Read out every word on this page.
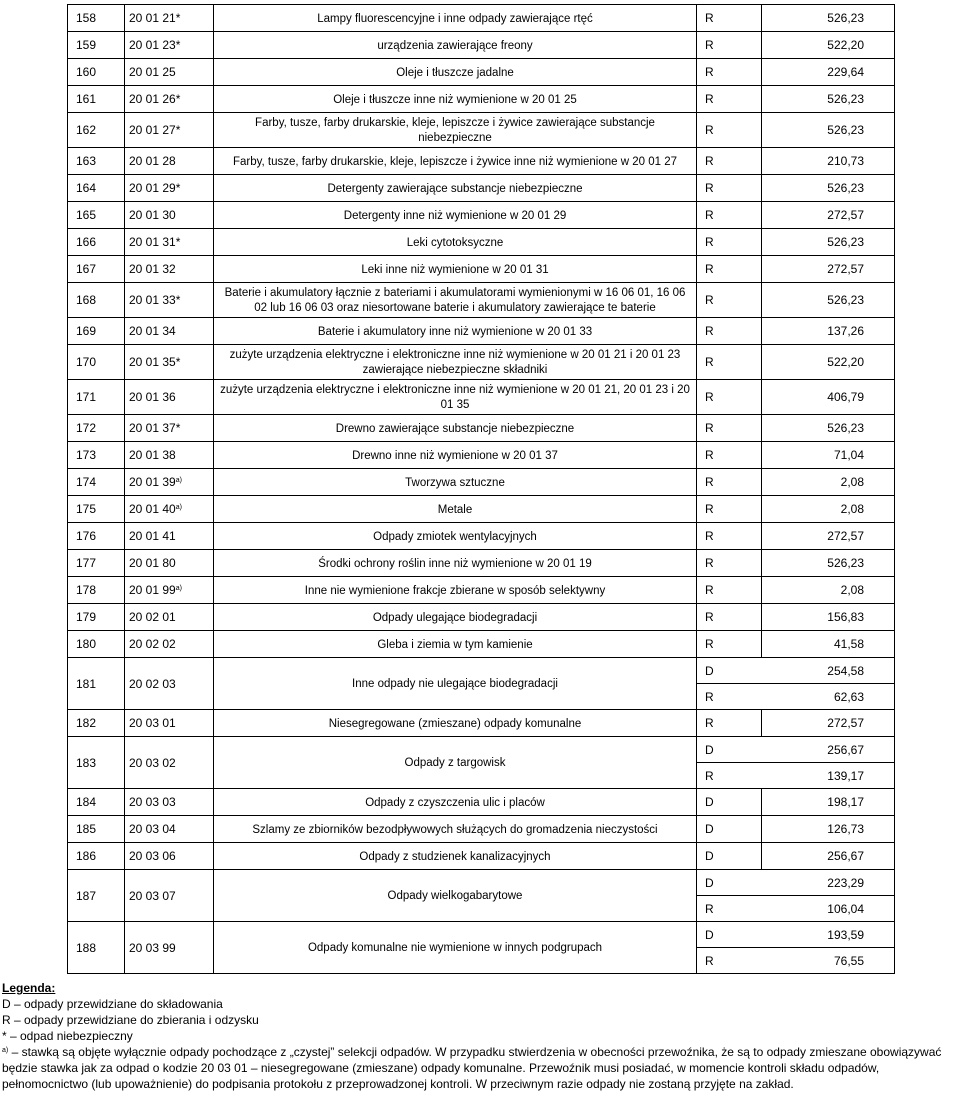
158	20 01 21*	Lampy fluorescencyjne i inne odpady zawierające rtęć	R	526,23
159	20 01 23*	urządzenia zawierające freony	R	522,20
160	20 01 25	Oleje i tłuszcze jadalne	R	229,64
161	20 01 26*	Oleje i tłuszcze inne niż wymienione w 20 01 25	R	526,23
162	20 01 27*	Farby, tusze, farby drukarskie, kleje, lepiszcze i żywice zawierające substancje niebezpieczne	R	526,23
163	20 01 28	Farby, tusze, farby drukarskie, kleje, lepiszcze i żywice inne niż wymienione w 20 01 27	R	210,73
164	20 01 29*	Detergenty zawierające substancje niebezpieczne	R	526,23
165	20 01 30	Detergenty inne niż wymienione w 20 01 29	R	272,57
166	20 01 31*	Leki cytotoksyczne	R	526,23
167	20 01 32	Leki inne niż wymienione w 20 01 31	R	272,57
168	20 01 33*	Baterie i akumulatory łącznie z bateriami i akumulatorami wymienionymi w 16 06 01, 16 06 02 lub 16 06 03 oraz niesortowane baterie i akumulatory zawierające te baterie	R	526,23
169	20 01 34	Baterie i akumulatory inne niż wymienione w 20 01 33	R	137,26
170	20 01 35*	zużyte urządzenia elektryczne i elektroniczne inne niż wymienione w 20 01 21 i 20 01 23 zawierające niebezpieczne składniki	R	522,20
171	20 01 36	zużyte urządzenia elektryczne i elektroniczne inne niż wymienione w 20 01 21, 20 01 23 i 20 01 35	R	406,79
172	20 01 37*	Drewno zawierające substancje niebezpieczne	R	526,23
173	20 01 38	Drewno inne niż wymienione w 20 01 37	R	71,04
174	20 01 39$^{a)}$	Tworzywa sztuczne	R	2,08
175	20 01 40$^{a)}$	Metale	R	2,08
176	20 01 41	Odpady zmiotek wentylacyjnych	R	272,57
177	20 01 80	Środki ochrony roślin inne niż wymienione w 20 01 19	R	526,23
178	20 01 99$^{a)}$	Inne nie wymienione frakcje zbierane w sposób selektywny	R	2,08
179	20 02 01	Odpady ulegające biodegradacji	R	156,83
180	20 02 02	Gleba i ziemia w tym kamienie	R	41,58
181	20 02 03	Inne odpady nie ulegające biodegradacji	D 254,58
R 62,63	

182	20 03 01	Niesegregowane (zmieszane) odpady komunalne	R	272,57
183	20 03 02	Odpady z targowisk	D 256,67
R 139,17	

184	20 03 03	Odpady z czyszczenia ulic i placów	D	198,17
185	20 03 04	Szlamy ze zbiorników bezodpływowych służących do gromadzenia nieczystości	D	126,73
186	20 03 06	Odpady z studzienek kanalizacyjnych	D	256,67
187	20 03 07	Odpady wielkogabarytowe	D 223,29
R 106,04	

188	20 03 99	Odpady komunalne nie wymienione w innych podgrupach	D 193,59
R 76,55	

Legenda:

D – odpady przewidziane do składowania

R – odpady przewidziane do zbierania i odzysku

* – odpad niebezpieczny

$^{a)}$ – stawką są objęte wyłącznie odpady pochodzące z „czystej” selekcji odpadów. W przypadku stwierdzenia w obecności przewoźnika, że są to odpady zmieszane obowiązywać będzie stawka jak za odpad o kodzie 20 03 01 – niesegregowane (zmieszane) odpady komunalne. Przewoźnik musi posiadać, w momencie kontroli składu odpadów, pełnomocnictwo (lub upoważnienie) do podpisania protokołu z przeprowadzonej kontroli. W przeciwnym razie odpady nie zostaną przyjęte na zakład.
